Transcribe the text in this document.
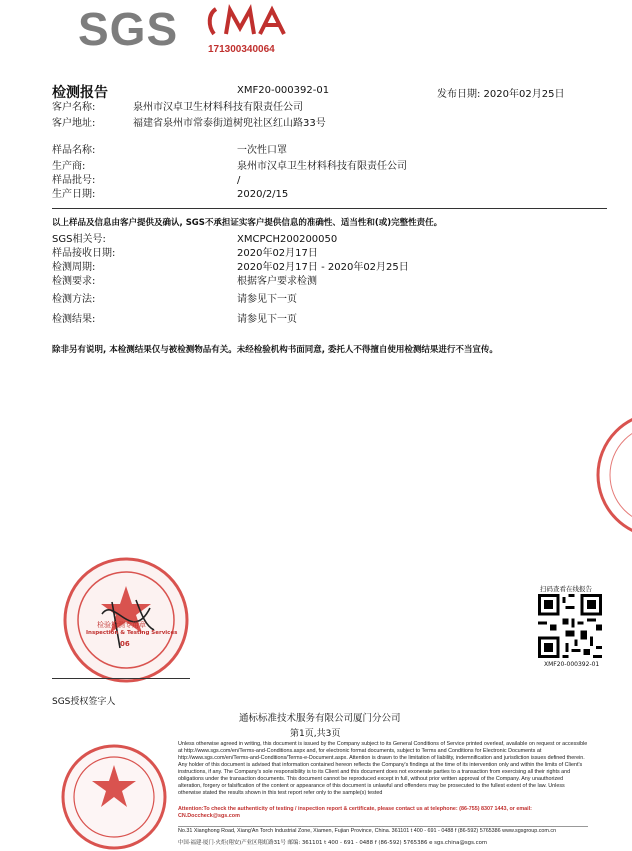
SGS	171300340064
检测报告	XMF20-000392-01	发布日期: 2020年02月25日
客户名称:	泉州市汉卓卫生材料科技有限责任公司
客户地址:	福建省泉州市常泰街道树兜社区红山路33号
样品名称:	一次性口罩
生产商:	泉州市汉卓卫生材料科技有限责任公司
样品批号:	/
生产日期:	2020/2/15
以上样品及信息由客户提供及确认, SGS不承担证实客户提供信息的准确性、适当性和(或)完整性责任。
SGS相关号:	XMCPCH200200050
样品接收日期:	2020年02月17日
检测周期:	2020年02月17日 - 2020年02月25日
检测要求:	根据客户要求检测
检测方法:	请参见下一页
检测结果:	请参见下一页
除非另有说明, 本检测结果仅与被检测物品有关。未经检验机构书面同意, 委托人不得擅自使用检测结果进行不当宣传。
检验检测专用章
Inspection & Testing Services
06
SGS授权签字人
扫码查看在线报告
XMF20-000392-01
通标标准技术服务有限公司厦门分公司
第1页,共3页
Unless otherwise agreed in writing, this document is issued by the Company subject to its General Conditions of Service printed overleaf, available on request or accessible at http://www.sgs.com/en/Terms-and-Conditions.aspx and, for electronic format documents, subject to Terms and Conditions for Electronic Documents at http://www.sgs.com/en/Terms-and-Conditions/Terms-e-Document.aspx. Attention is drawn to the limitation of liability, indemnification and jurisdiction issues defined therein. Any holder of this document is advised that information contained hereon reflects the Company's findings at the time of its intervention only and within the limits of Client's instructions, if any. The Company's sole responsibility is to its Client and this document does not exonerate parties to a transaction from exercising all their rights and obligations under the transaction documents. This document cannot be reproduced except in full, without prior written approval of the Company. Any unauthorized alteration, forgery or falsification of the content or appearance of this document is unlawful and offenders may be prosecuted to the fullest extent of the law. Unless otherwise stated the results shown in this test report refer only to the sample(s) tested
Attention:To check the authenticity of testing / inspection report & certificate, please contact us at telephone: (86-755) 8307 1443, or email: CN.Doccheck@sgs.com
No.31 Xianghong Road, Xiang'An Torch Industrial Zone, Xiamen, Fujian Province, China. 361101 t 400 - 691 - 0488 f (86-592) 5765386 www.sgsgroup.com.cn
中国·福建·厦门·火炬(翔安)产业区翔虹路31号 邮编: 361101 t 400 - 691 - 0488 f (86-592) 5765386 e sgs.china@sgs.com
